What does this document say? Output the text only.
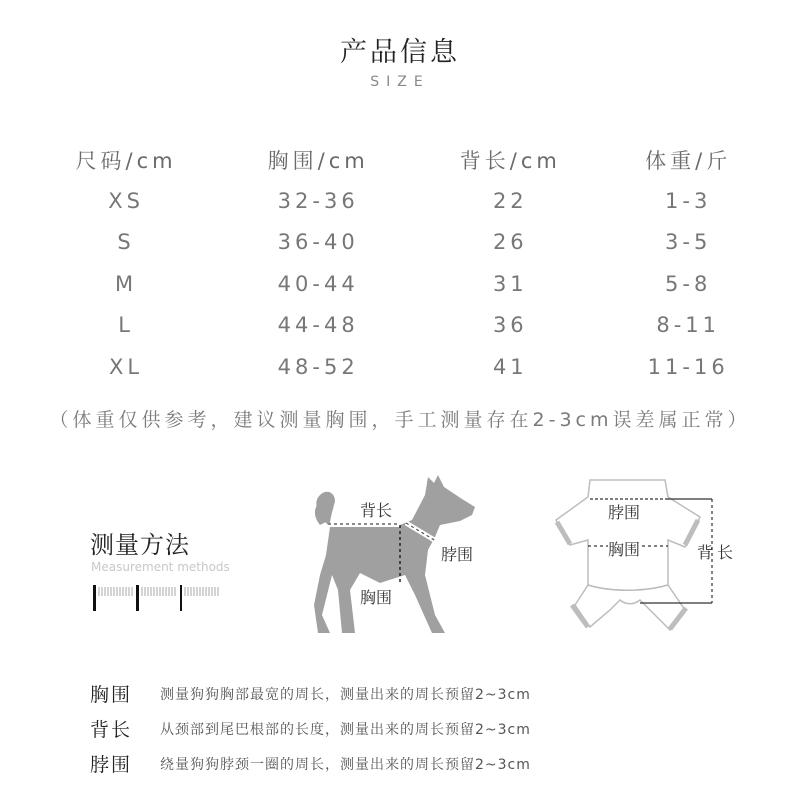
产品信息
SIZE
尺码/cm	胸围/cm	背长/cm	体重/斤
XS	32-36	22	1-3
S	36-40	26	3-5
M	40-44	31	5-8
L	44-48	36	8-11
XL	48-52	41	11-16
（体重仅供参考，建议测量胸围，手工测量存在2-3cm误差属正常）
测量方法
Measurement methods
背长
脖围
胸围
脖围
胸围	背长
胸围	测量狗狗胸部最宽的周长，测量出来的周长预留2~3cm
背长	从颈部到尾巴根部的长度，测量出来的周长预留2~3cm
脖围	绕量狗狗脖颈一圈的周长，测量出来的周长预留2~3cm
